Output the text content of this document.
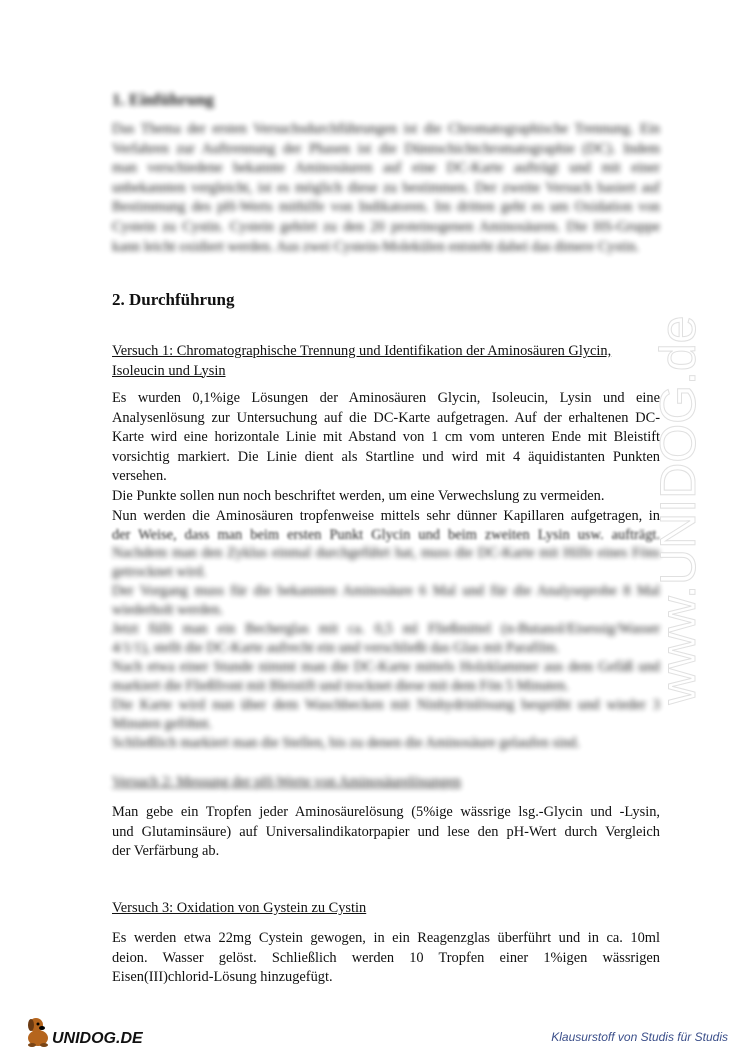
1. Einführung
Das Thema der ersten Versuchsdurchführungen ist die Chromatographische Trennung. Ein
Verfahren zur Auftrennung der Phasen ist die Dünnschichtchromatographie (DC). Indem
man verschiedene bekannte Aminosäuren auf eine DC-Karte aufträgt und mit einer
unbekannten vergleicht, ist es möglich diese zu bestimmen. Der zweite Versuch basiert auf
Bestimmung des pH-Werts mithilfe von Indikatoren. Im dritten geht es um Oxidation von
Cystein zu Cystin. Cystein gehört zu den 20 proteinogenen Aminosäuren. Die HS-Gruppe
kann leicht oxidiert werden. Aus zwei Cystein-Molekülen entsteht dabei das dimere Cystin.
2. Durchführung
Versuch 1: Chromatographische Trennung und Identifikation der Aminosäuren Glycin,
Isoleucin und Lysin
Es wurden 0,1%ige Lösungen der Aminosäuren Glycin, Isoleucin, Lysin und eine
Analysenlösung zur Untersuchung auf die DC-Karte aufgetragen. Auf der erhaltenen DC-
Karte wird eine horizontale Linie mit Abstand von 1 cm vom unteren Ende mit Bleistift
vorsichtig markiert. Die Linie dient als Startline und wird mit 4 äquidistanten Punkten
versehen.
Die Punkte sollen nun noch beschriftet werden, um eine Verwechslung zu vermeiden.
Nun werden die Aminosäuren tropfenweise mittels sehr dünner Kapillaren aufgetragen, in
der Weise, dass man beim ersten Punkt Glycin und beim zweiten Lysin usw. aufträgt.
Nachdem man den Zyklus einmal durchgeführt hat, muss die DC-Karte mit Hilfe eines Föns
getrocknet wird.
Der Vorgang muss für die bekannten Aminosäure 6 Mal und für die Analyseprobe 8 Mal
wiederholt werden.
Jetzt füllt man ein Becherglas mit ca. 0,5 ml Fließmittel (n-Butanol/Eisessig/Wasser
4/1/1), stellt die DC-Karte aufrecht ein und verschließt das Glas mit Parafilm.
Nach etwa einer Stunde nimmt man die DC-Karte mittels Holzklammer aus dem Gefäß und
markiert die Fließfront mit Bleistift und trocknet diese mit dem Fön 5 Minuten.
Die Karte wird nun über dem Waschbecken mit Ninhydrinlösung besprüht und wieder 3
Minuten geföhnt.
Schließlich markiert man die Stellen, bis zu denen die Aminosäure gelaufen sind.
Versuch 2: Messung der pH-Werte von Aminosäurelösungen
Man gebe ein Tropfen jeder Aminosäurelösung (5%ige wässrige lsg.-Glycin und -Lysin,
und Glutaminsäure) auf Universalindikatorpapier und lese den pH-Wert durch Vergleich
der Verfärbung ab.
Versuch 3: Oxidation von Gystein zu Cystin
Es werden etwa 22mg Cystein gewogen, in ein Reagenzglas überführt und in ca. 10ml
deion. Wasser gelöst. Schließlich werden 10 Tropfen einer 1%igen wässrigen
Eisen(III)chlorid-Lösung hinzugefügt.
www.UNIDOG.de
UNIDOG.DE	Klausurstoff von Studis für Studis
